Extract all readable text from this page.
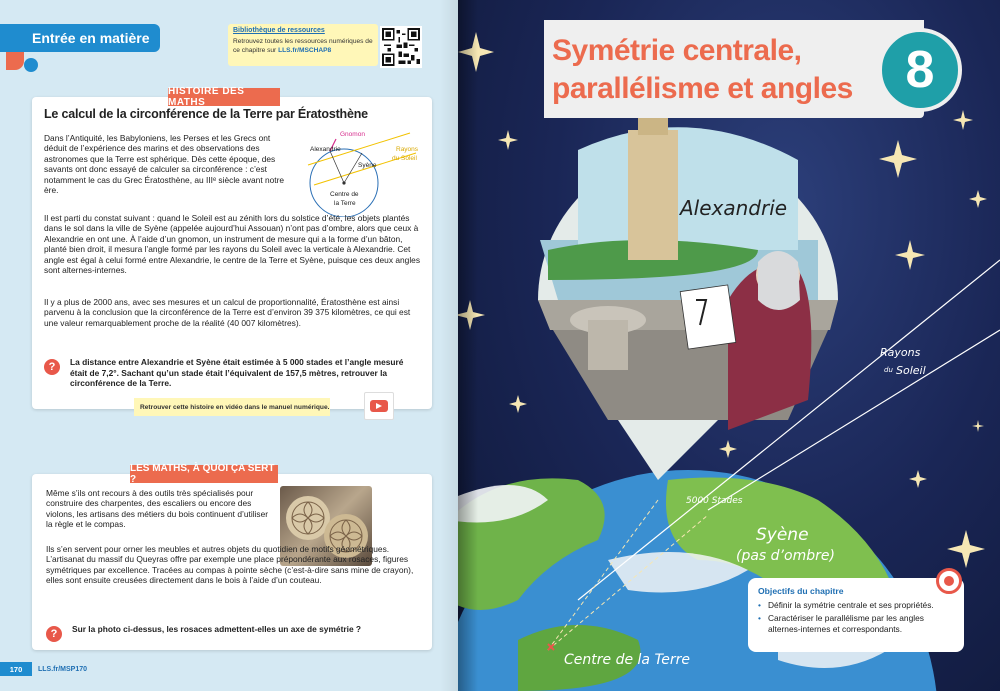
Entrée en matière	Bibliothèque de ressources
Retrouvez toutes les ressources numériques de ce chapitre sur LLS.fr/MSCHAP8
HISTOIRE DES MATHS
Le calcul de la circonférence de la Terre par Ératosthène
Dans l’Antiquité, les Babyloniens, les Perses et les Grecs ont déduit de l’expérience des marins et des observations des astronomes que la Terre est sphérique. Dès cette époque, des savants ont donc essayé de calculer sa circonférence : c’est notamment le cas du Grec Ératosthène, au IIIᵉ siècle avant notre ère.
Gnomon
Alexandrie	Rayons
du Soleil
Syène
Centre de
la Terre
Il est parti du constat suivant : quand le Soleil est au zénith lors du solstice d’été, les objets plantés dans le sol dans la ville de Syène (appelée aujourd’hui Assouan) n’ont pas d’ombre, alors que ceux à Alexandrie en ont une. À l’aide d’un gnomon, un instrument de mesure qui a la forme d’un bâton, planté bien droit, il mesura l’angle formé par les rayons du Soleil avec la verticale à Alexandrie. Cet angle est égal à celui formé entre Alexandrie, le centre de la Terre et Syène, puisque ces deux angles sont alternes-internes.
Il y a plus de 2000 ans, avec ses mesures et un calcul de proportionnalité, Ératosthène est ainsi parvenu à la conclusion que la circonférence de la Terre est d’environ 39 375 kilomètres, ce qui est une valeur remarquablement proche de la réalité (40 007 kilomètres).
?	La distance entre Alexandrie et Syène était estimée à 5 000 stades et l’angle mesuré était de 7,2°. Sachant qu’un stade était l’équivalent de 157,5 mètres, retrouver la circonférence de la Terre.
Retrouver cette histoire en vidéo dans le manuel numérique.
LES MATHS, À QUOI ÇA SERT ?
Même s’ils ont recours à des outils très spécialisés pour construire des charpentes, des escaliers ou encore des violons, les artisans des métiers du bois continuent d’utiliser la règle et le compas.
Ils s’en servent pour orner les meubles et autres objets du quotidien de motifs géométriques. L’artisanat du massif du Queyras offre par exemple une place prépondérante aux rosaces, figures symétriques par excellence. Tracées au compas à pointe sèche (c’est-à-dire sans mine de crayon), elles sont ensuite creusées directement dans le bois à l’aide d’un couteau.
?	Sur la photo ci-dessus, les rosaces admettent-elles un axe de symétrie ?
170	LLS.fr/MSP170
Alexandrie
Rayons
du Soleil
5000 Stades
Syène
(pas d’ombre)
Centre de la Terre
Symétrie centrale,
parallélisme et angles	8
Objectifs du chapitre
• Définir la symétrie centrale et ses propriétés.
• Caractériser le parallélisme par les angles alternes-internes et correspondants.
